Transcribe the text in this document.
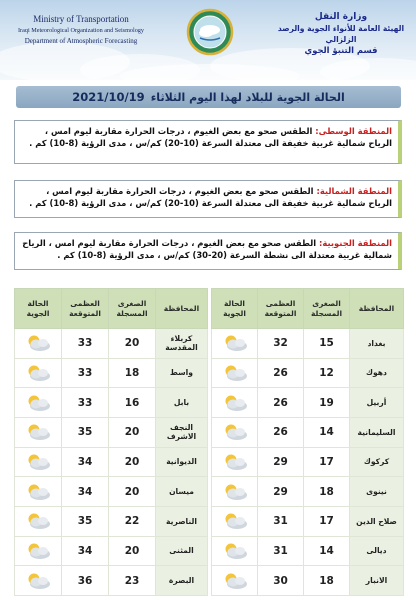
Ministry of Transportation
Iraqi Meteorological Organization and Seismology
Department of Atmospheric Forecasting
وزارة النقل
الهيئة العامة للأنواء الجوية والرصد الزلزالي
قسم التنبؤ الجوي
الحالة الجوية للبلاد لهذا اليوم الثلاثاء
2021/10/19
المنطقة الوسطى: الطقس صحو مع بعض الغيوم ، درجات الحرارة مقاربة ليوم امس ، الرياح شمالية غربية خفيفة الى معتدلة السرعة (10-20) كم/س ، مدى الرؤية (8-10) كم .
المنطقة الشمالية: الطقس صحو مع بعض الغيوم ، درجات الحرارة مقاربة ليوم امس ، الرياح شمالية غربية خفيفة الى معتدلة السرعة (10-20) كم/س ، مدى الرؤية (8-10) كم .
المنطقة الجنوبية: الطقس صحو مع بعض الغيوم ، درجات الحرارة مقاربة ليوم امس ، الرياح شمالية غربية معتدلة الى نشطة السرعة (20-30) كم/س ، مدى الرؤية (8-10) كم .
المحافظة	الصغرى المسجلة	العظمى المتوقعة	الحالة الجوية		المحافظة	الصغرى المسجلة	العظمى المتوقعة	الحالة الجوية
بغداد	15	32			كربلاء المقدسة	20	33	
دهوك	12	26			واسط	18	33	
أربيل	19	26			بابل	16	33	
السليمانية	14	26			النجف الاشرف	20	35	
كركوك	17	29			الديوانية	20	34	
نينوى	18	29			ميسان	20	34	
صلاح الدين	17	31			الناصرية	22	35	
ديالى	14	31			المثنى	20	34	
الانبار	18	30			البصرة	23	36	
